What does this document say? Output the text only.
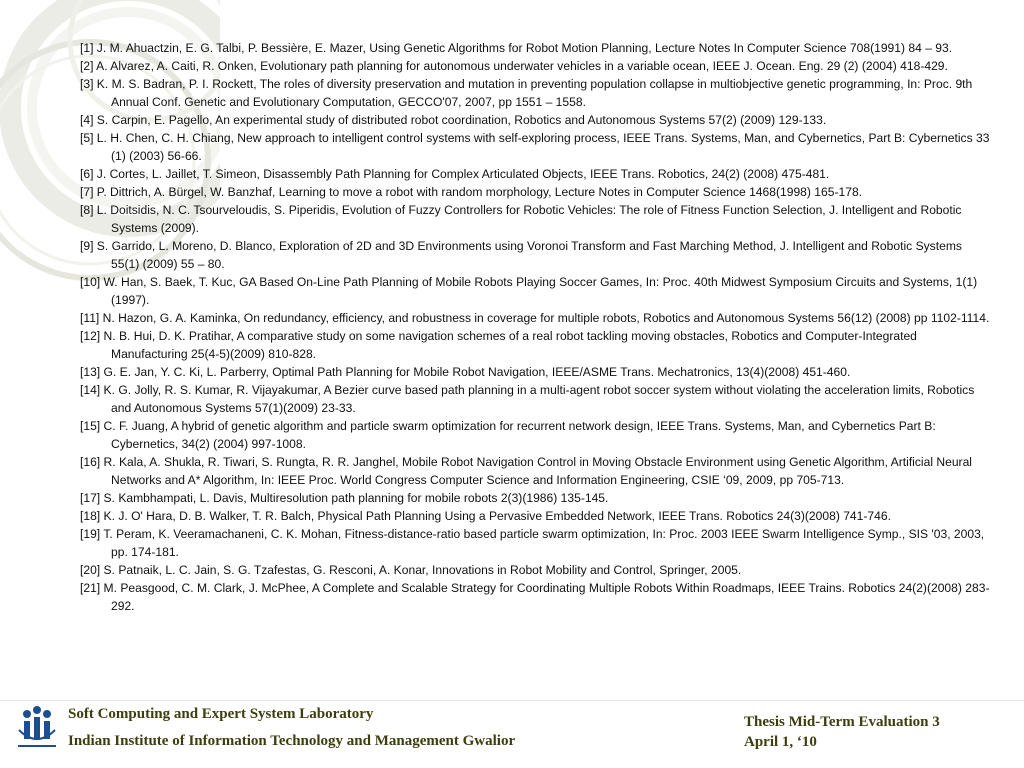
[1] J. M. Ahuactzin, E. G. Talbi, P. Bessière, E. Mazer, Using Genetic Algorithms for Robot Motion Planning, Lecture Notes In Computer Science 708(1991) 84 – 93.

[2] A. Alvarez, A. Caiti, R. Onken, Evolutionary path planning for autonomous underwater vehicles in a variable ocean, IEEE J. Ocean. Eng. 29 (2) (2004) 418-429.

[3] K. M. S. Badran, P. I. Rockett, The roles of diversity preservation and mutation in preventing population collapse in multiobjective genetic programming, In: Proc. 9th Annual Conf. Genetic and Evolutionary Computation, GECCO'07, 2007, pp 1551 – 1558.

[4] S. Carpin, E. Pagello, An experimental study of distributed robot coordination, Robotics and Autonomous Systems 57(2) (2009) 129-133.

[5] L. H. Chen, C. H. Chiang, New approach to intelligent control systems with self-exploring process, IEEE Trans. Systems, Man, and Cybernetics, Part B: Cybernetics 33 (1) (2003) 56-66.

[6] J. Cortes, L. Jaillet, T. Simeon, Disassembly Path Planning for Complex Articulated Objects, IEEE Trans. Robotics, 24(2) (2008) 475-481.

[7] P. Dittrich, A. Bürgel, W. Banzhaf, Learning to move a robot with random morphology, Lecture Notes in Computer Science 1468(1998) 165-178.

[8] L. Doitsidis, N. C. Tsourveloudis, S. Piperidis, Evolution of Fuzzy Controllers for Robotic Vehicles: The role of Fitness Function Selection, J. Intelligent and Robotic Systems (2009).

[9] S. Garrido, L. Moreno, D. Blanco, Exploration of 2D and 3D Environments using Voronoi Transform and Fast Marching Method, J. Intelligent and Robotic Systems 55(1) (2009) 55 – 80.

[10] W. Han, S. Baek, T. Kuc, GA Based On-Line Path Planning of Mobile Robots Playing Soccer Games, In: Proc. 40th Midwest Symposium Circuits and Systems, 1(1) (1997).

[11] N. Hazon, G. A. Kaminka, On redundancy, efficiency, and robustness in coverage for multiple robots, Robotics and Autonomous Systems 56(12) (2008) pp 1102-1114.

[12] N. B. Hui, D. K. Pratihar, A comparative study on some navigation schemes of a real robot tackling moving obstacles, Robotics and Computer-Integrated Manufacturing 25(4-5)(2009) 810-828.

[13] G. E. Jan, Y. C. Ki, L. Parberry, Optimal Path Planning for Mobile Robot Navigation, IEEE/ASME Trans. Mechatronics, 13(4)(2008) 451-460.

[14] K. G. Jolly, R. S. Kumar, R. Vijayakumar, A Bezier curve based path planning in a multi-agent robot soccer system without violating the acceleration limits, Robotics and Autonomous Systems 57(1)(2009) 23-33.

[15] C. F. Juang, A hybrid of genetic algorithm and particle swarm optimization for recurrent network design, IEEE Trans. Systems, Man, and Cybernetics Part B: Cybernetics, 34(2) (2004) 997-1008.

[16] R. Kala, A. Shukla, R. Tiwari, S. Rungta, R. R. Janghel, Mobile Robot Navigation Control in Moving Obstacle Environment using Genetic Algorithm, Artificial Neural Networks and A* Algorithm, In: IEEE Proc. World Congress Computer Science and Information Engineering, CSIE ‘09, 2009, pp 705-713.

[17] S. Kambhampati, L. Davis, Multiresolution path planning for mobile robots 2(3)(1986) 135-145.

[18] K. J. O' Hara, D. B. Walker, T. R. Balch, Physical Path Planning Using a Pervasive Embedded Network, IEEE Trans. Robotics 24(3)(2008) 741-746.

[19] T. Peram, K. Veeramachaneni, C. K. Mohan, Fitness-distance-ratio based particle swarm optimization, In: Proc. 2003 IEEE Swarm Intelligence Symp., SIS '03, 2003, pp. 174-181.

[20] S. Patnaik, L. C. Jain, S. G. Tzafestas, G. Resconi, A. Konar, Innovations in Robot Mobility and Control, Springer, 2005.

[21] M. Peasgood, C. M. Clark, J. McPhee, A Complete and Scalable Strategy for Coordinating Multiple Robots Within Roadmaps, IEEE Trains. Robotics 24(2)(2008) 283-292.

Soft Computing and Expert System Laboratory
Indian Institute of Information Technology and Management Gwalior
Thesis Mid-Term Evaluation 3
April 1, ‘10
